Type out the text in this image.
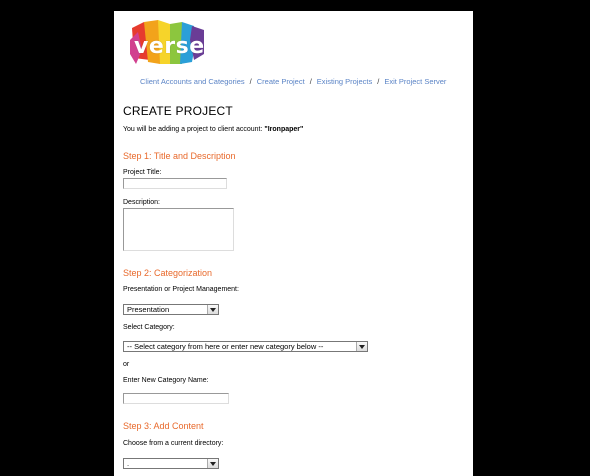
verse
Client Accounts and Categories / Create Project / Existing Projects / Exit Project Server
CREATE PROJECT
You will be adding a project to client account: "Ironpaper"
Step 1: Title and Description
Project Title:
Description:
Step 2: Categorization
Presentation or Project Management:
Presentation
Select Category:
-- Select category from here or enter new category below --
or
Enter New Category Name:
Step 3: Add Content
Choose from a current directory:
.
